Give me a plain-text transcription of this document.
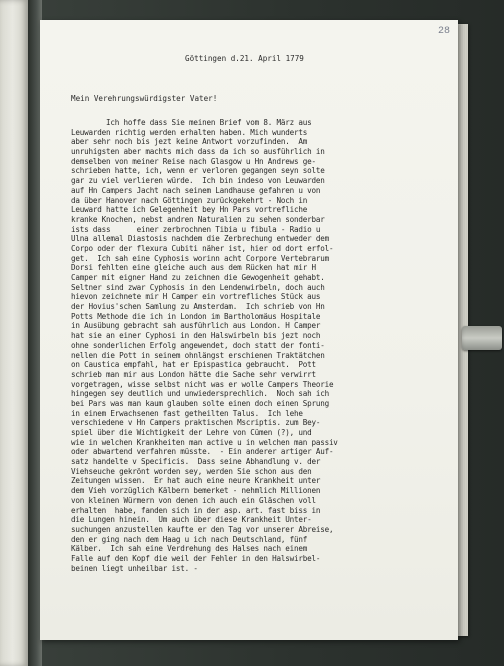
28
Göttingen d.21. April 1779
Mein Verehrungswürdigster Vater!
Ich hoffe dass Sie meinen Brief vom 8. März aus
Leuwarden richtig werden erhalten haben. Mich wunderts
aber sehr noch bis jezt keine Antwort vorzufinden.  Am
unruhigsten aber machts mich dass da ich so ausführlich in
demselben von meiner Reise nach Glasgow u Hn Andrews ge-
schrieben hatte, ich, wenn er verloren gegangen seyn solte
gar zu viel verlieren würde.  Ich bin indeso von Leuwarden
auf Hn Campers Jacht nach seinem Landhause gefahren u von
da über Hanover nach Göttingen zurückgekehrt - Noch in
Leuward hatte ich Gelegenheit bey Hn Pars vortrefliche
kranke Knochen, nebst andren Naturalien zu sehen sonderbar
ists dass      einer zerbrochnen Tibia u fibula - Radio u
Ulna allemal Diastosis nachdem die Zerbrechung entweder dem
Corpo oder der flexura Cubiti näher ist, hier od dort erfol-
get.  Ich sah eine Cyphosis worinn acht Corpore Vertebrarum
Dorsi fehlten eine gleiche auch aus dem Rücken hat mir H
Camper mit eigner Hand zu zeichnen die Gewogenheit gehabt.
Seltner sind zwar Cyphosis in den Lendenwirbeln, doch auch
hievon zeichnete mir H Camper ein vortrefliches Stück aus
der Hovius'schen Samlung zu Amsterdam.  Ich schrieb von Hn
Potts Methode die ich in London im Bartholomäus Hospitale
in Ausübung gebracht sah ausführlich aus London. H Camper
hat sie an einer Cyphosi in den Halswirbeln bis jezt noch
ohne sonderlichen Erfolg angewendet, doch statt der fonti-
nellen die Pott in seinem ohnlängst erschienen Traktätchen
on Caustica empfahl, hat er Epispastica gebraucht.  Pott
schrieb man mir aus London hätte die Sache sehr verwirrt
vorgetragen, wisse selbst nicht was er wolle Campers Theorie
hingegen sey deutlich und unwiedersprechlich.  Noch sah ich
bei Pars was man kaum glauben solte einen doch einen Sprung
in einem Erwachsenen fast getheilten Talus.  Ich lehe
verschiedene v Hn Campers praktischen Mscriptis. zum Bey-
spiel über die Wichtigkeit der Lehre von Cümen (?), und
wie in welchen Krankheiten man active u in welchen man passiv
oder abwartend verfahren müsste.  - Ein anderer artiger Auf-
satz handelte v Specificis.  Dass seine Abhandlung v. der
Viehseuche gekrönt worden sey, werden Sie schon aus den
Zeitungen wissen.  Er hat auch eine neure Krankheit unter
dem Vieh vorzüglich Kälbern bemerket - nehmlich Millionen
von kleinen Würmern von denen ich auch ein Gläschen voll
erhalten  habe, fanden sich in der asp. art. fast biss in
die Lungen hinein.  Um auch über diese Krankheit Unter-
suchungen anzustellen kaufte er den Tag vor unserer Abreise,
den er ging nach dem Haag u ich nach Deutschland, fünf
Kälber.  Ich sah eine Verdrehung des Halses nach einem
Falle auf den Kopf die weil der Fehler in den Halswirbel-
beinen liegt unheilbar ist. -
